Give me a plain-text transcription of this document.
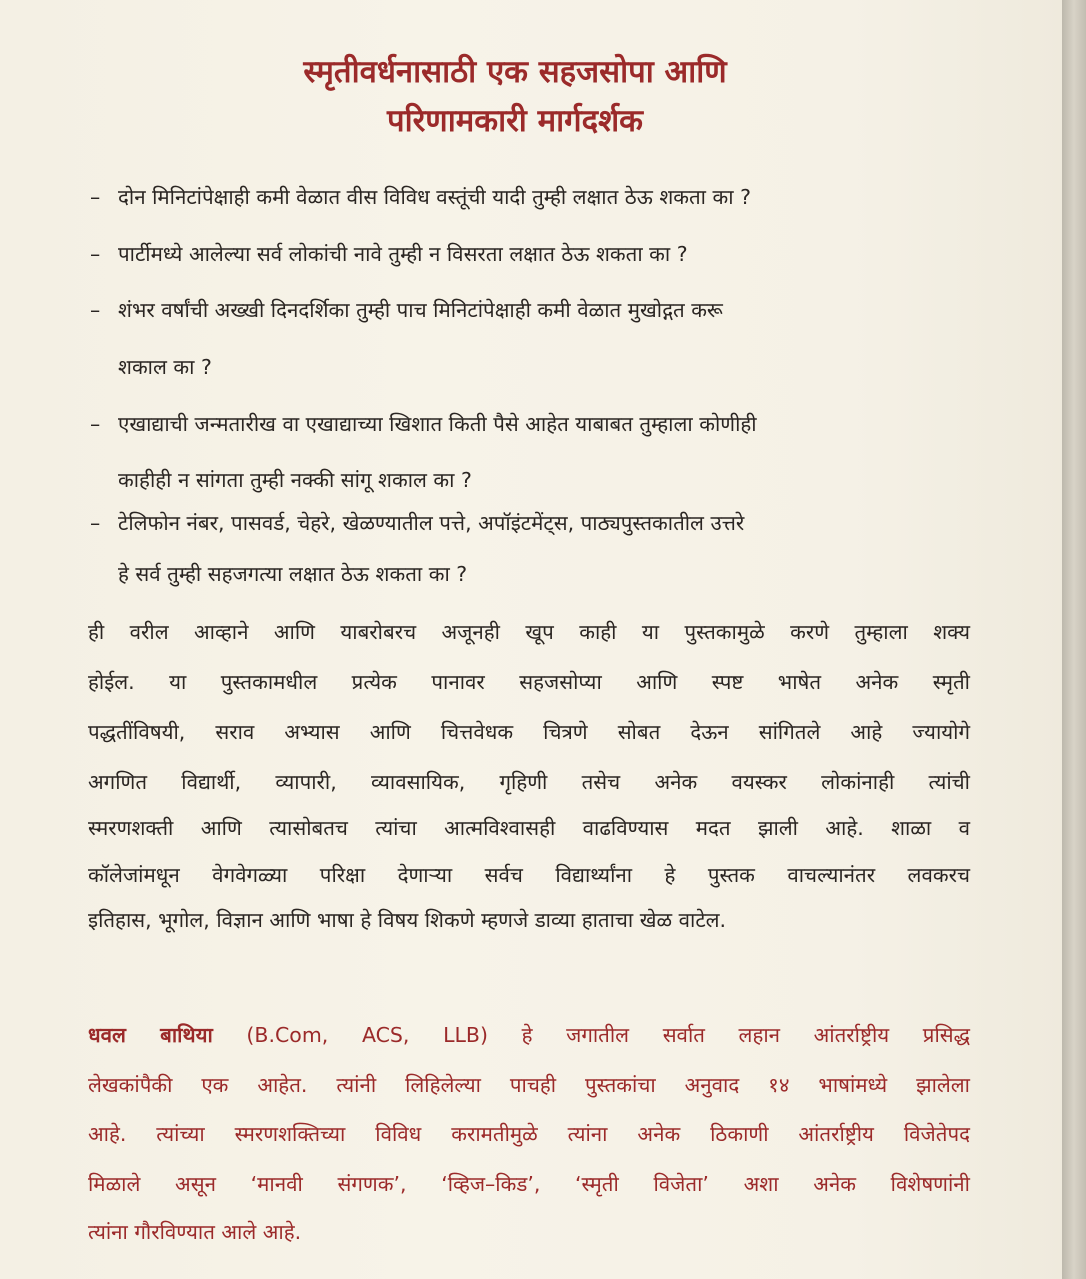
स्मृतीवर्धनासाठी एक सहजसोपा आणि
परिणामकारी मार्गदर्शक

– दोन मिनिटांपेक्षाही कमी वेळात वीस विविध वस्तूंची यादी तुम्ही लक्षात ठेऊ शकता का ?

– पार्टीमध्ये आलेल्या सर्व लोकांची नावे तुम्ही न विसरता लक्षात ठेऊ शकता का ?

– शंभर वर्षांची अख्खी दिनदर्शिका तुम्ही पाच मिनिटांपेक्षाही कमी वेळात मुखोद्गत करू

शकाल का ?

– एखाद्याची जन्मतारीख वा एखाद्याच्या खिशात किती पैसे आहेत याबाबत तुम्हाला कोणीही

काहीही न सांगता तुम्ही नक्की सांगू शकाल का ?

– टेलिफोन नंबर, पासवर्ड, चेहरे, खेळण्यातील पत्ते, अपॉइंटमेंट्स, पाठ्यपुस्तकातील उत्तरे

हे सर्व तुम्ही सहजगत्या लक्षात ठेऊ शकता का ?

ही वरील आव्हाने आणि याबरोबरच अजूनही खूप काही या पुस्तकामुळे करणे तुम्हाला शक्य

होईल. या पुस्तकामधील प्रत्येक पानावर सहजसोप्या आणि स्पष्ट भाषेत अनेक स्मृती

पद्धतींविषयी, सराव अभ्यास आणि चित्तवेधक चित्रणे सोबत देऊन सांगितले आहे ज्यायोगे

अगणित विद्यार्थी, व्यापारी, व्यावसायिक, गृहिणी तसेच अनेक वयस्कर लोकांनाही त्यांची

स्मरणशक्ती आणि त्यासोबतच त्यांचा आत्मविश्वासही वाढविण्यास मदत झाली आहे. शाळा व

कॉलेजांमधून वेगवेगळ्या परिक्षा देणाऱ्या सर्वच विद्यार्थ्यांना हे पुस्तक वाचल्यानंतर लवकरच

इतिहास, भूगोल, विज्ञान आणि भाषा हे विषय शिकणे म्हणजे डाव्या हाताचा खेळ वाटेल.

धवल बाथिया (B.Com, ACS, LLB) हे जगातील सर्वात लहान आंतर्राष्ट्रीय प्रसिद्ध

लेखकांपैकी एक आहेत. त्यांनी लिहिलेल्या पाचही पुस्तकांचा अनुवाद १४ भाषांमध्ये झालेला

आहे. त्यांच्या स्मरणशक्तिच्या विविध करामतीमुळे त्यांना अनेक ठिकाणी आंतर्राष्ट्रीय विजेतेपद

मिळाले असून ‘मानवी संगणक’, ‘व्हिज–किड’, ‘स्मृती विजेता’ अशा अनेक विशेषणांनी

त्यांना गौरविण्यात आले आहे.
